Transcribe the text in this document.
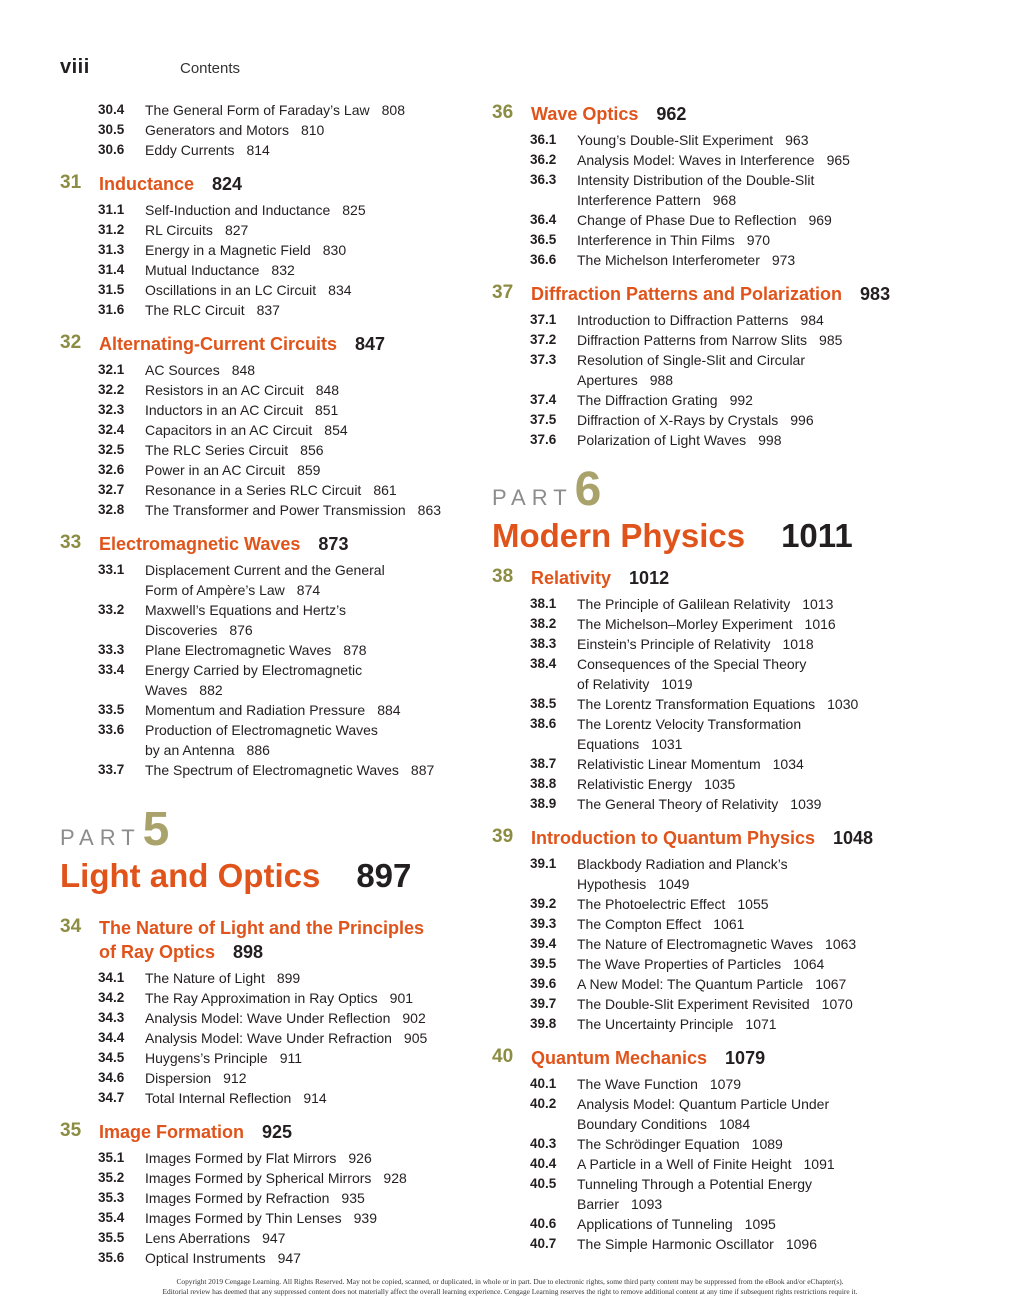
viii	Contents
30.4 The General Form of Faraday’s Law 808
30.5 Generators and Motors 810
30.6 Eddy Currents 814
31 Inductance 824
31.1 Self-Induction and Inductance 825
31.2 RL Circuits 827
31.3 Energy in a Magnetic Field 830
31.4 Mutual Inductance 832
31.5 Oscillations in an LC Circuit 834
31.6 The RLC Circuit 837
32 Alternating-Current Circuits 847
32.1 AC Sources 848
32.2 Resistors in an AC Circuit 848
32.3 Inductors in an AC Circuit 851
32.4 Capacitors in an AC Circuit 854
32.5 The RLC Series Circuit 856
32.6 Power in an AC Circuit 859
32.7 Resonance in a Series RLC Circuit 861
32.8 The Transformer and Power Transmission 863
33 Electromagnetic Waves 873
33.1 Displacement Current and the General
Form of Ampère’s Law 874
33.2 Maxwell’s Equations and Hertz’s
Discoveries 876
33.3 Plane Electromagnetic Waves 878
33.4 Energy Carried by Electromagnetic
Waves 882
33.5 Momentum and Radiation Pressure 884
33.6 Production of Electromagnetic Waves
by an Antenna 886
33.7 The Spectrum of Electromagnetic Waves 887
PART5
Light and Optics 897
34 The Nature of Light and the Principles
of Ray Optics 898
34.1 The Nature of Light 899
34.2 The Ray Approximation in Ray Optics 901
34.3 Analysis Model: Wave Under Reflection 902
34.4 Analysis Model: Wave Under Refraction 905
34.5 Huygens’s Principle 911
34.6 Dispersion 912
34.7 Total Internal Reflection 914
35 Image Formation 925
35.1 Images Formed by Flat Mirrors 926
35.2 Images Formed by Spherical Mirrors 928
35.3 Images Formed by Refraction 935
35.4 Images Formed by Thin Lenses 939
35.5 Lens Aberrations 947
35.6 Optical Instruments 947
36 Wave Optics 962
36.1 Young’s Double-Slit Experiment 963
36.2 Analysis Model: Waves in Interference 965
36.3 Intensity Distribution of the Double-Slit
Interference Pattern 968
36.4 Change of Phase Due to Reflection 969
36.5 Interference in Thin Films 970
36.6 The Michelson Interferometer 973
37 Diffraction Patterns and Polarization 983
37.1 Introduction to Diffraction Patterns 984
37.2 Diffraction Patterns from Narrow Slits 985
37.3 Resolution of Single-Slit and Circular
Apertures 988
37.4 The Diffraction Grating 992
37.5 Diffraction of X-Rays by Crystals 996
37.6 Polarization of Light Waves 998
PART6
Modern Physics 1011
38 Relativity 1012
38.1 The Principle of Galilean Relativity 1013
38.2 The Michelson–Morley Experiment 1016
38.3 Einstein’s Principle of Relativity 1018
38.4 Consequences of the Special Theory
of Relativity 1019
38.5 The Lorentz Transformation Equations 1030
38.6 The Lorentz Velocity Transformation
Equations 1031
38.7 Relativistic Linear Momentum 1034
38.8 Relativistic Energy 1035
38.9 The General Theory of Relativity 1039
39 Introduction to Quantum Physics 1048
39.1 Blackbody Radiation and Planck’s
Hypothesis 1049
39.2 The Photoelectric Effect 1055
39.3 The Compton Effect 1061
39.4 The Nature of Electromagnetic Waves 1063
39.5 The Wave Properties of Particles 1064
39.6 A New Model: The Quantum Particle 1067
39.7 The Double-Slit Experiment Revisited 1070
39.8 The Uncertainty Principle 1071
40 Quantum Mechanics 1079
40.1 The Wave Function 1079
40.2 Analysis Model: Quantum Particle Under
Boundary Conditions 1084
40.3 The Schrödinger Equation 1089
40.4 A Particle in a Well of Finite Height 1091
40.5 Tunneling Through a Potential Energy
Barrier 1093
40.6 Applications of Tunneling 1095
40.7 The Simple Harmonic Oscillator 1096
Copyright 2019 Cengage Learning. All Rights Reserved. May not be copied, scanned, or duplicated, in whole or in part. Due to electronic rights, some third party content may be suppressed from the eBook and/or eChapter(s).
Editorial review has deemed that any suppressed content does not materially affect the overall learning experience. Cengage Learning reserves the right to remove additional content at any time if subsequent rights restrictions require it.
